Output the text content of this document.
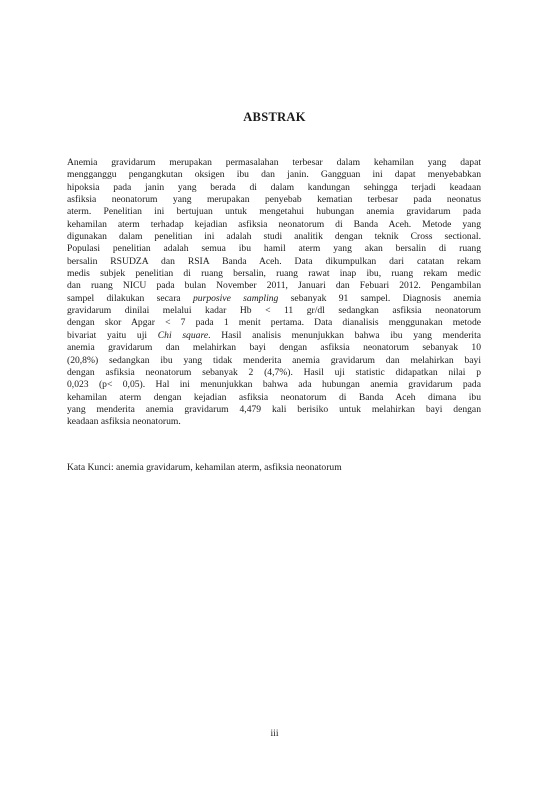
ABSTRAK
Anemia gravidarum merupakan permasalahan terbesar dalam kehamilan yang dapat
mengganggu pengangkutan oksigen ibu dan janin. Gangguan ini dapat menyebabkan
hipoksia pada janin yang berada di dalam kandungan sehingga terjadi keadaan
asfiksia neonatorum yang merupakan penyebab kematian terbesar pada neonatus
aterm. Penelitian ini bertujuan untuk mengetahui hubungan anemia gravidarum pada
kehamilan aterm terhadap kejadian asfiksia neonatorum di Banda Aceh. Metode yang
digunakan dalam penelitian ini adalah studi analitik dengan teknik Cross sectional.
Populasi penelitian adalah semua ibu hamil aterm yang akan bersalin di ruang
bersalin RSUDZA dan RSIA Banda Aceh. Data dikumpulkan dari catatan rekam
medis subjek penelitian di ruang bersalin, ruang rawat inap ibu, ruang rekam medic
dan ruang NICU pada bulan November 2011, Januari dan Febuari 2012. Pengambilan
sampel dilakukan secara purposive sampling sebanyak 91 sampel. Diagnosis anemia
gravidarum dinilai melalui kadar Hb < 11 gr/dl sedangkan asfiksia neonatorum
dengan skor Apgar < 7 pada 1 menit pertama. Data dianalisis menggunakan metode
bivariat yaitu uji Chi square. Hasil analisis menunjukkan bahwa ibu yang menderita
anemia gravidarum dan melahirkan bayi dengan asfiksia neonatorum sebanyak 10
(20,8%) sedangkan ibu yang tidak menderita anemia gravidarum dan melahirkan bayi
dengan asfiksia neonatorum sebanyak 2 (4,7%). Hasil uji statistic didapatkan nilai p
0,023 (p< 0,05). Hal ini menunjukkan bahwa ada hubungan anemia gravidarum pada
kehamilan aterm dengan kejadian asfiksia neonatorum di Banda Aceh dimana ibu
yang menderita anemia gravidarum 4,479 kali berisiko untuk melahirkan bayi dengan
keadaan asfiksia neonatorum.
Kata Kunci: anemia gravidarum, kehamilan aterm, asfiksia neonatorum
iii
